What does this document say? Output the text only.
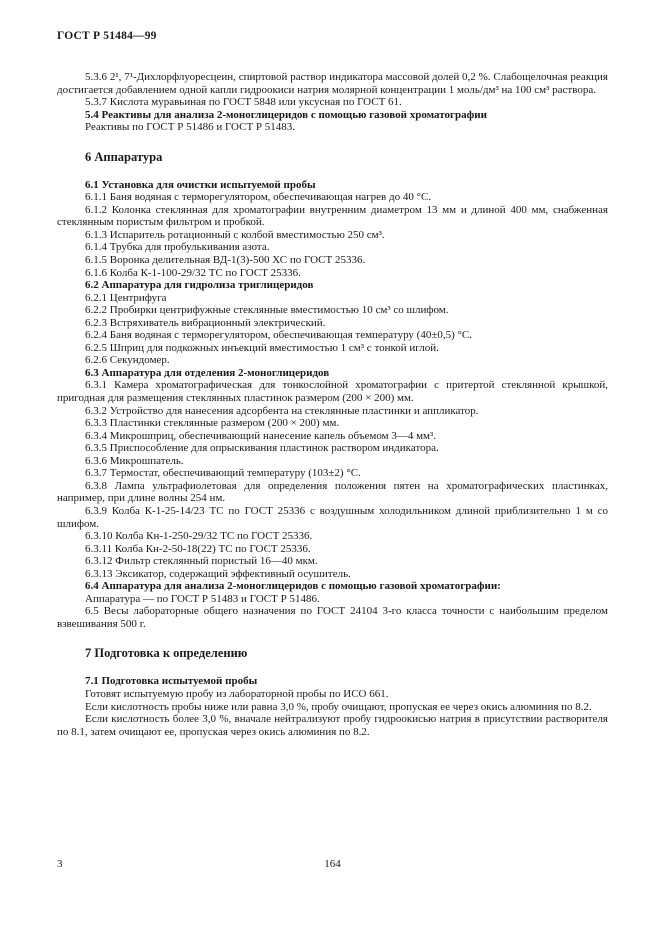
ГОСТ Р 51484—99

5.3.6 2¹, 7¹-Дихлорфлуоресцеин, спиртовой раствор индикатора массовой долей 0,2 %. Слабощелочная реакция достигается добавлением одной капли гидроокиси натрия молярной концентрации 1 моль/дм³ на 100 см³ раствора.

5.3.7 Кислота муравьиная по ГОСТ 5848 или уксусная по ГОСТ 61.

5.4 Реактивы для анализа 2-моноглицеридов с помощью газовой хроматографии

Реактивы по ГОСТ Р 51486 и ГОСТ Р 51483.

6 Аппаратура

6.1 Установка для очистки испытуемой пробы

6.1.1 Баня водяная с терморегулятором, обеспечивающая нагрев до 40 °С.

6.1.2 Колонка стеклянная для хроматографии внутренним диаметром 13 мм и длиной 400 мм, снабженная стеклянным пористым фильтром и пробкой.

6.1.3 Испаритель ротационный с колбой вместимостью 250 см³.

6.1.4 Трубка для пробулькивания азота.

6.1.5 Воронка делительная ВД-1(3)-500 ХС по ГОСТ 25336.

6.1.6 Колба К-1-100-29/32 ТС по ГОСТ 25336.

6.2 Аппаратура для гидролиза триглицеридов

6.2.1 Центрифуга

6.2.2 Пробирки центрифужные стеклянные вместимостью 10 см³ со шлифом.

6.2.3 Встряхиватель вибрационный электрический.

6.2.4 Баня водяная с терморегулятором, обеспечивающая температуру (40±0,5) °С.

6.2.5 Шприц для подкожных инъекций вместимостью 1 см³ с тонкой иглой.

6.2.6 Секундомер.

6.3 Аппаратура для отделения 2-моноглицеридов

6.3.1 Камера хроматографическая для тонкослойной хроматографии с притертой стеклянной крышкой, пригодная для размещения стеклянных пластинок размером (200 × 200) мм.

6.3.2 Устройство для нанесения адсорбента на стеклянные пластинки и аппликатор.

6.3.3 Пластинки стеклянные размером (200 × 200) мм.

6.3.4 Микрошприц, обеспечивающий нанесение капель объемом 3—4 мм³.

6.3.5 Приспособление для опрыскивания пластинок раствором индикатора.

6.3.6 Микрошпатель.

6.3.7 Термостат, обеспечивающий температуру (103±2) °С.

6.3.8 Лампа ультрафиолетовая для определения положения пятен на хроматографических пластинках, например, при длине волны 254 нм.

6.3.9 Колба К-1-25-14/23 ТС по ГОСТ 25336 с воздушным холодильником длиной приблизительно 1 м со шлифом.

6.3.10 Колба Кн-1-250-29/32 ТС по ГОСТ 25336.

6.3.11 Колба Кн-2-50-18(22) ТС по ГОСТ 25336.

6.3.12 Фильтр стеклянный пористый 16—40 мкм.

6.3.13 Эксикатор, содержащий эффективный осушитель.

6.4 Аппаратура для анализа 2-моноглицеридов с помощью газовой хроматографии:

Аппаратура — по ГОСТ Р 51483 и ГОСТ Р 51486.

6.5 Весы лабораторные общего назначения по ГОСТ 24104 3-го класса точности с наибольшим пределом взвешивания 500 г.

7 Подготовка к определению

7.1 Подготовка испытуемой пробы

Готовят испытуемую пробу из лабораторной пробы по ИСО 661.

Если кислотность пробы ниже или равна 3,0 %, пробу очищают, пропуская ее через окись алюминия по 8.2.

Если кислотность более 3,0 %, вначале нейтрализуют пробу гидроокисью натрия в присутствии растворителя по 8.1, затем очищают ее, пропуская через окись алюминия по 8.2.

3	164
